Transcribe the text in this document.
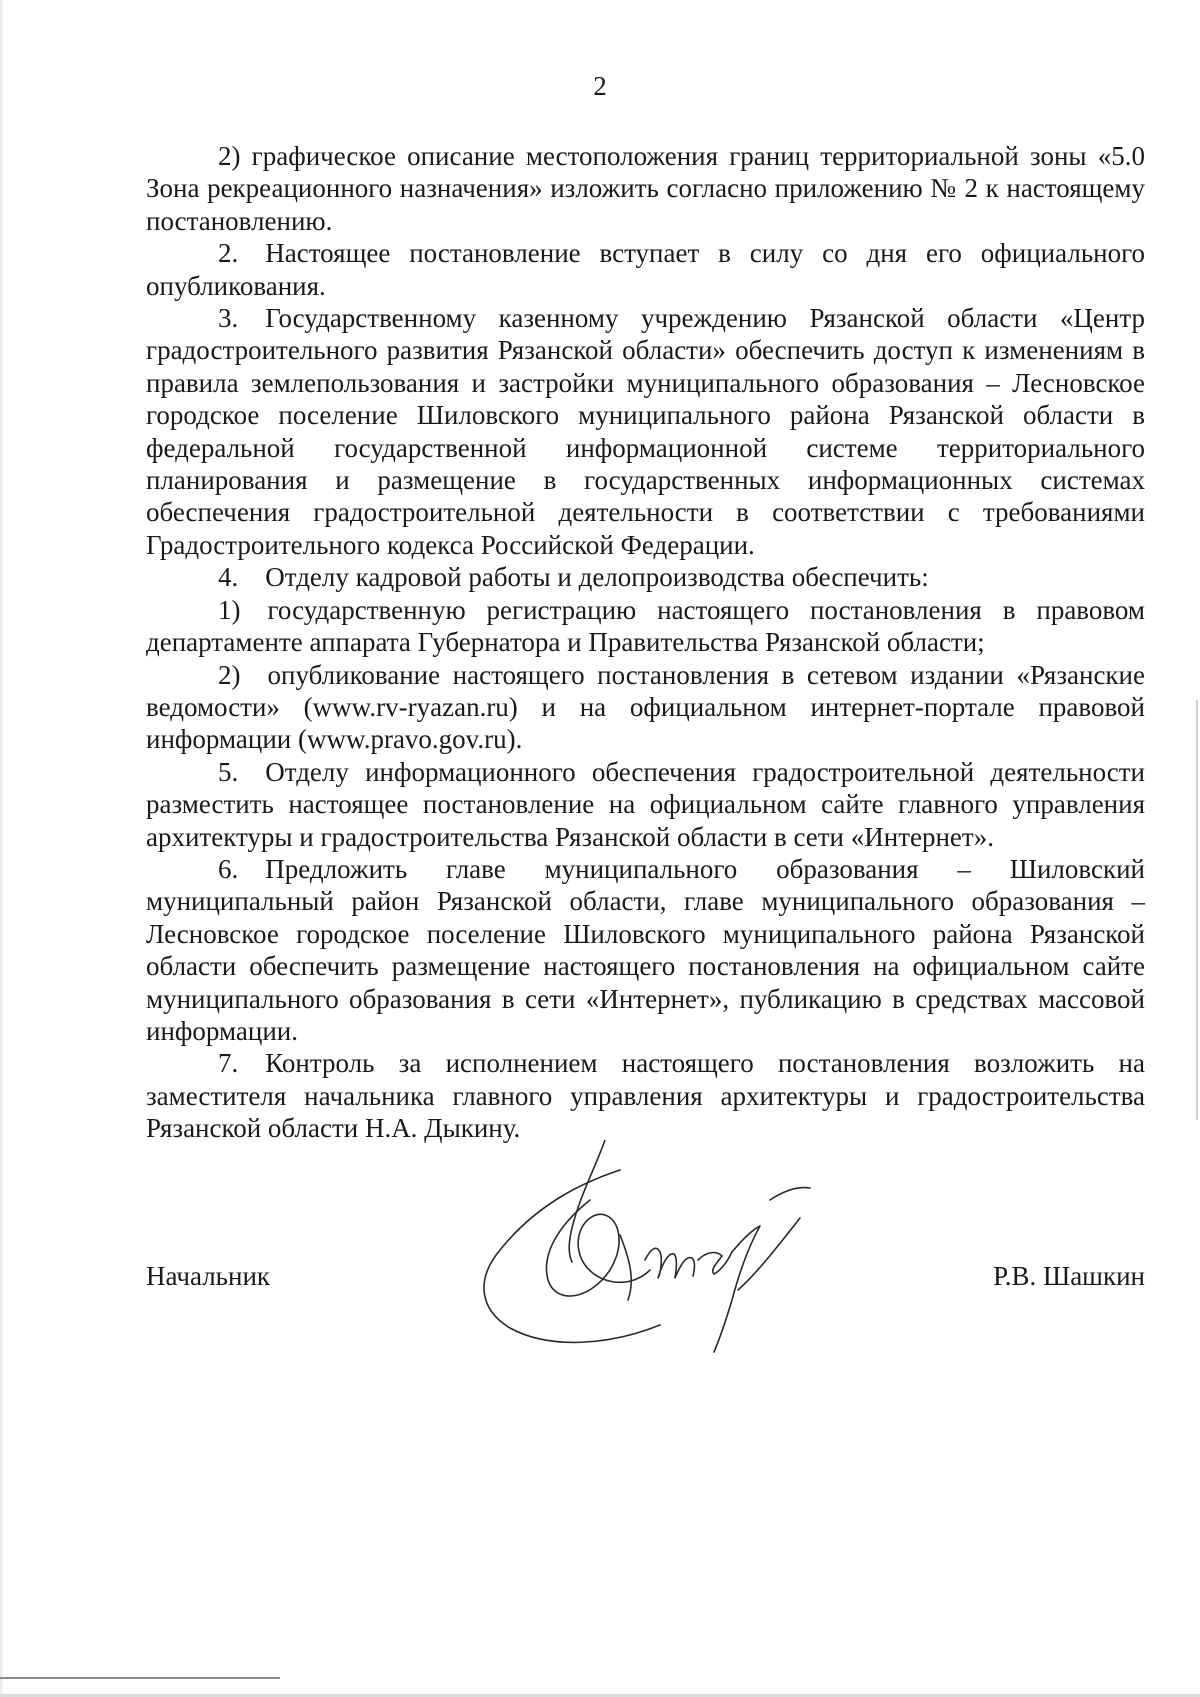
2

2) графическое описание местоположения границ территориальной зоны «5.0 Зона рекреационного назначения» изложить согласно приложению № 2 к настоящему постановлению.

2.  Настоящее постановление вступает в силу со дня его официального опубликования.

3.  Государственному казенному учреждению Рязанской области «Центр градостроительного развития Рязанской области» обеспечить доступ к изменениям в правила землепользования и застройки муниципального образования – Лесновское городское поселение Шиловского муниципального района Рязанской области в федеральной государственной информационной системе территориального планирования и размещение в государственных информационных системах обеспечения градостроительной деятельности в соответствии с требованиями Градостроительного кодекса Российской Федерации.

4.  Отделу кадровой работы и делопроизводства обеспечить:

1)  государственную регистрацию настоящего постановления в правовом департаменте аппарата Губернатора и Правительства Рязанской области;

2)  опубликование настоящего постановления в сетевом издании «Рязанские ведомости» (www.rv-ryazan.ru) и на официальном интернет-портале правовой информации (www.pravo.gov.ru).

5.  Отделу информационного обеспечения градостроительной деятельности разместить настоящее постановление на официальном сайте главного управления архитектуры и градостроительства Рязанской области в сети «Интернет».

6.  Предложить главе муниципального образования – Шиловский муниципальный район Рязанской области, главе муниципального образования – Лесновское городское поселение Шиловского муниципального района Рязанской области обеспечить размещение настоящего постановления на официальном сайте муниципального образования в сети «Интернет», публикацию в средствах массовой информации.

7.  Контроль за исполнением настоящего постановления возложить на заместителя начальника главного управления архитектуры и градостроительства Рязанской области Н.А. Дыкину.

Начальник	Р.В. Шашкин
